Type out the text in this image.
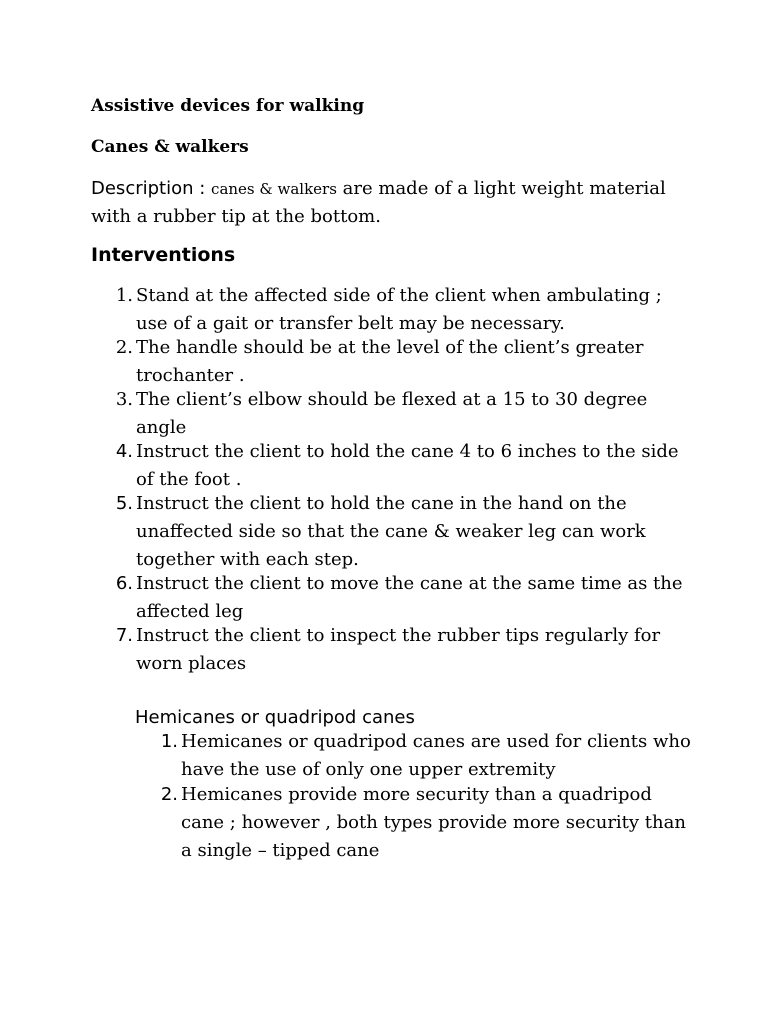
Assistive devices for walking
Canes & walkers

Description : canes & walkers are made of a light weight material with a rubber tip at the bottom.

Interventions
1. Stand at the affected side of the client when ambulating ; use of a gait or transfer belt may be necessary.
2. The handle should be at the level of the client’s greater trochanter .
3. The client’s elbow should be flexed at a 15 to 30 degree angle
4. Instruct the client to hold the cane 4 to 6 inches to the side of the foot .
5. Instruct the client to hold the cane in the hand on the unaffected side so that the cane & weaker leg can work together with each step.
6. Instruct the client to move the cane at the same time as the affected leg
7. Instruct the client to inspect the rubber tips regularly for worn places
Hemicanes or quadripod canes
1. Hemicanes or quadripod canes are used for clients who have the use of only one upper extremity
2. Hemicanes provide more security than a quadripod cane ; however , both types provide more security than a single – tipped cane
